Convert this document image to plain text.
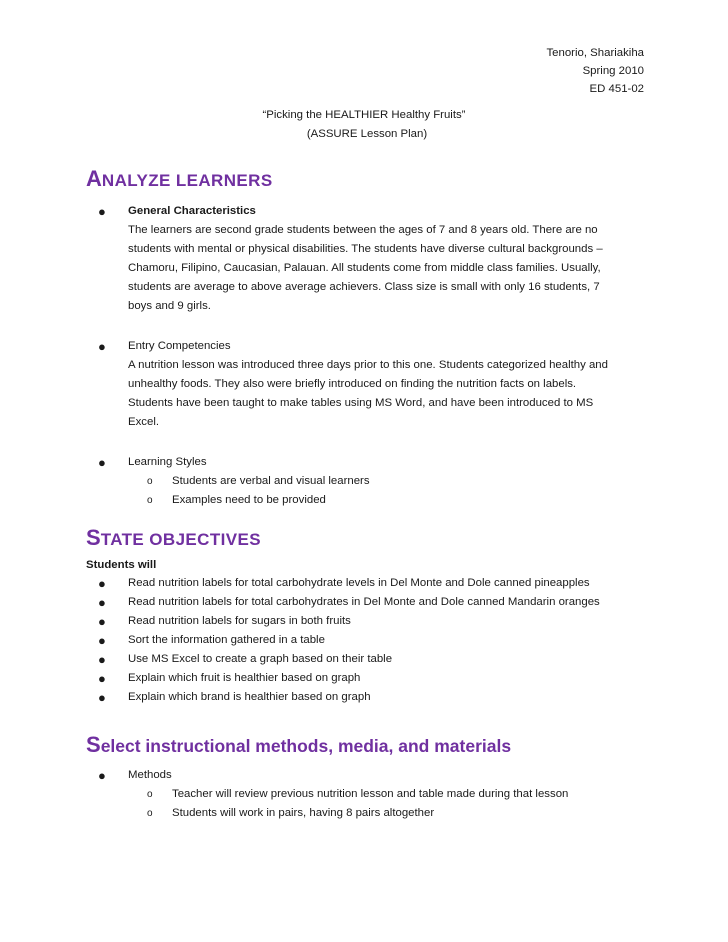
Tenorio, Shariakiha
Spring 2010
ED 451-02
“Picking the HEALTHIER Healthy Fruits”
(ASSURE Lesson Plan)
ANALYZE LEARNERS
● General Characteristics
The learners are second grade students between the ages of 7 and 8 years old. There are no
students with mental or physical disabilities. The students have diverse cultural backgrounds –
Chamoru, Filipino, Caucasian, Palauan. All students come from middle class families. Usually,
students are average to above average achievers. Class size is small with only 16 students, 7
boys and 9 girls.
● Entry Competencies
A nutrition lesson was introduced three days prior to this one. Students categorized healthy and
unhealthy foods. They also were briefly introduced on finding the nutrition facts on labels.
Students have been taught to make tables using MS Word, and have been introduced to MS
Excel.
● Learning Styles
o Students are verbal and visual learners
o Examples need to be provided
STATE OBJECTIVES
Students will
● Read nutrition labels for total carbohydrate levels in Del Monte and Dole canned pineapples
● Read nutrition labels for total carbohydrates in Del Monte and Dole canned Mandarin oranges
● Read nutrition labels for sugars in both fruits
● Sort the information gathered in a table
● Use MS Excel to create a graph based on their table
● Explain which fruit is healthier based on graph
● Explain which brand is healthier based on graph
Select instructional methods, media, and materials
● Methods
o Teacher will review previous nutrition lesson and table made during that lesson
o Students will work in pairs, having 8 pairs altogether
